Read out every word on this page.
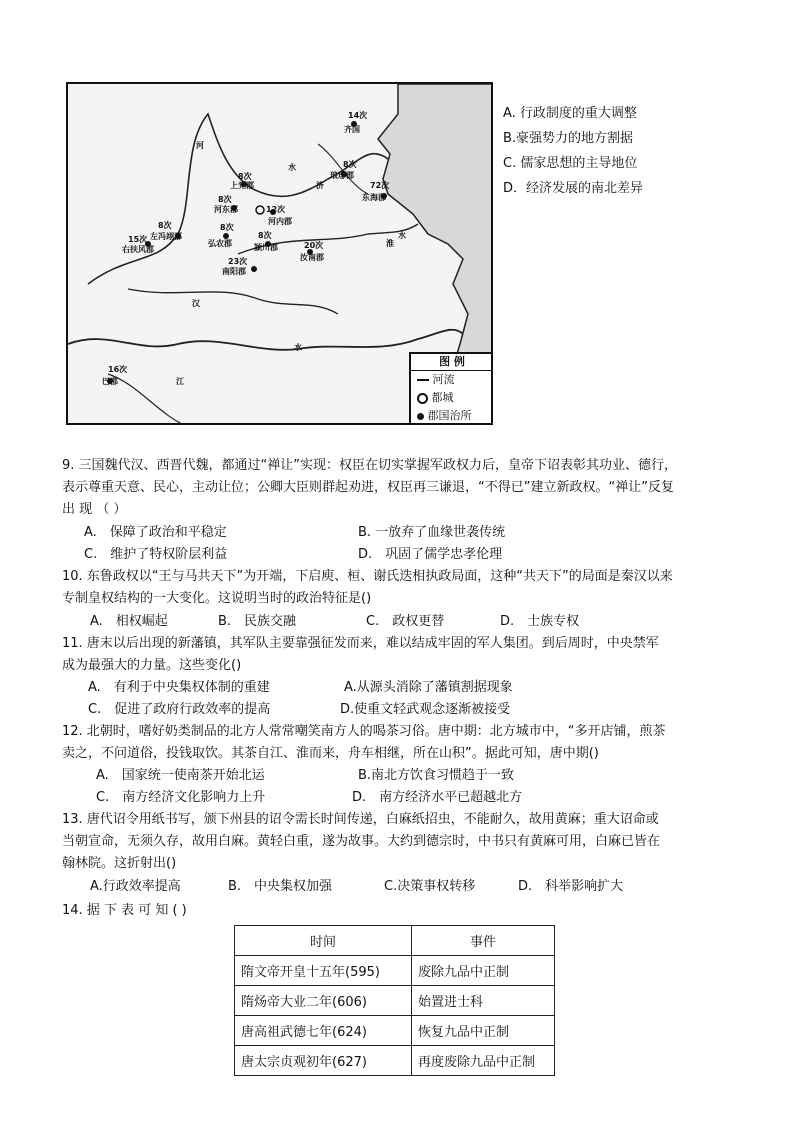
14次
齐国
8次
上党郡
8次
琅琊郡
8次
河东郡
72次
东海郡
12次
河内郡
8次
左冯翊郡
15次
右扶风郡
8次
弘农郡
8次
颍川郡	20次
汝南郡
23次
南阳郡
16次
巴郡
河
水
济
淮
水
汉
水
江
图 例
河流
都城
郡国治所
A. 行政制度的重大调整
B.豪强势力的地方割据
C. 儒家思想的主导地位
D．经济发展的南北差异
9. 三国魏代汉、西晋代魏，都通过“禅让”实现：权臣在切实掌握军政权力后，皇帝下诏表彰其功业、德行，
表示尊重天意、民心，主动让位；公卿大臣则群起劝进，权臣再三谦退，“不得已”建立新政权。“禅让”反复
出 现 （ ）
A.　保障了政治和平稳定	B. 一放弃了血缘世袭传统
C.　维护了特权阶层利益	D.　巩固了儒学忠孝伦理
10. 东鲁政权以“王与马共天下”为开端，下启庾、桓、谢氏迭相执政局面，这种“共天下”的局面是秦汉以来
专制皇权结构的一大变化。这说明当时的政治特征是()
A.　相权崛起	B.　民族交融	C.　政权更替	D.　士族专权
11. 唐末以后出现的新藩镇，其军队主要靠强征发而来，难以结成牢固的军人集团。到后周时，中央禁军
成为最强大的力量。这些变化()
A.　有利于中央集权体制的重建	A.从源头消除了藩镇割据现象
C.　促进了政府行政效率的提高	D.使重文轻武观念逐渐被接受
12. 北朝时，嗜好奶类制品的北方人常常嘲笑南方人的喝茶习俗。唐中期：北方城市中，“多开店铺，煎茶
卖之，不问道俗，投钱取饮。其茶自江、淮而来，舟车相继，所在山积”。据此可知，唐中期()
A.　国家统一使南茶开始北运	B.南北方饮食习惯趋于一致
C.　南方经济文化影响力上升	D.　南方经济水平已超越北方
13. 唐代诏令用纸书写，颁下州县的诏令需长时间传递，白麻纸招虫，不能耐久，故用黄麻；重大诏命或
当朝宣命，无须久存，故用白麻。黄轻白重，遂为故事。大约到德宗时，中书只有黄麻可用，白麻已皆在
翰林院。这折射出()
A.行政效率提高	B.　中央集权加强	C.决策事权转移	D.　科举影响扩大
14. 据 下 表 可 知 ( )
时间	事件
隋文帝开皇十五年(595)	废除九品中正制
隋炀帝大业二年(606)	始置进士科
唐高祖武德七年(624)	恢复九品中正制
唐太宗贞观初年(627)	再度废除九品中正制
